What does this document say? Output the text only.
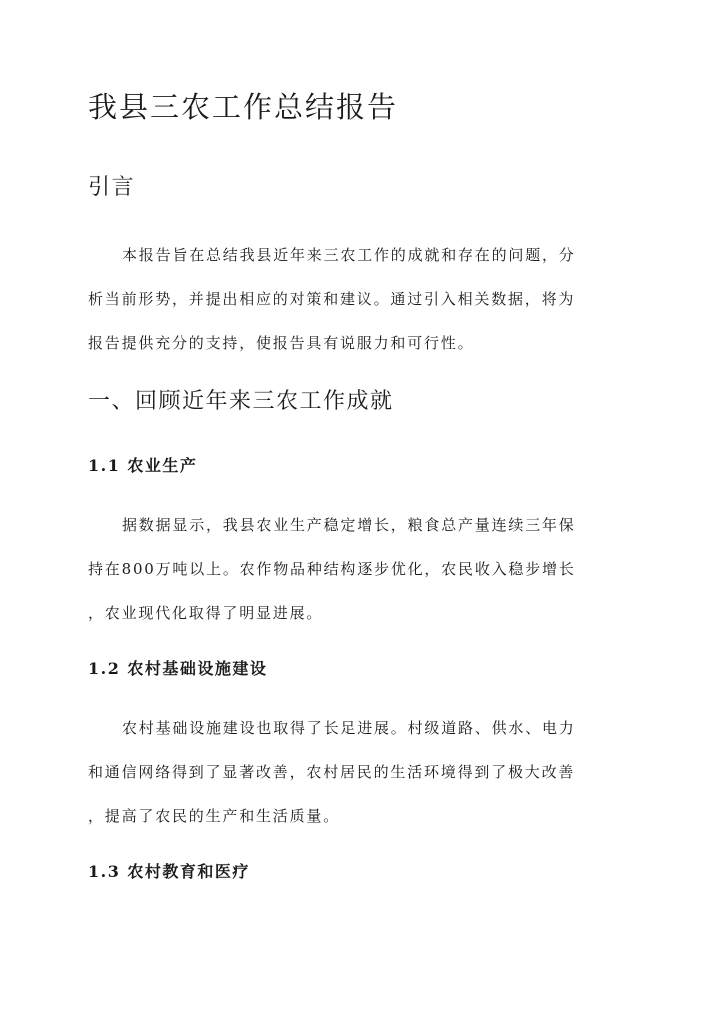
我县三农工作总结报告
引言

本报告旨在总结我县近年来三农工作的成就和存在的问题，分
析当前形势，并提出相应的对策和建议。通过引入相关数据，将为
报告提供充分的支持，使报告具有说服力和可行性。

一、回顾近年来三农工作成就
1.1 农业生产

据数据显示，我县农业生产稳定增长，粮食总产量连续三年保
持在800万吨以上。农作物品种结构逐步优化，农民收入稳步增长
，农业现代化取得了明显进展。

1.2 农村基础设施建设

农村基础设施建设也取得了长足进展。村级道路、供水、电力
和通信网络得到了显著改善，农村居民的生活环境得到了极大改善
，提高了农民的生产和生活质量。

1.3 农村教育和医疗
